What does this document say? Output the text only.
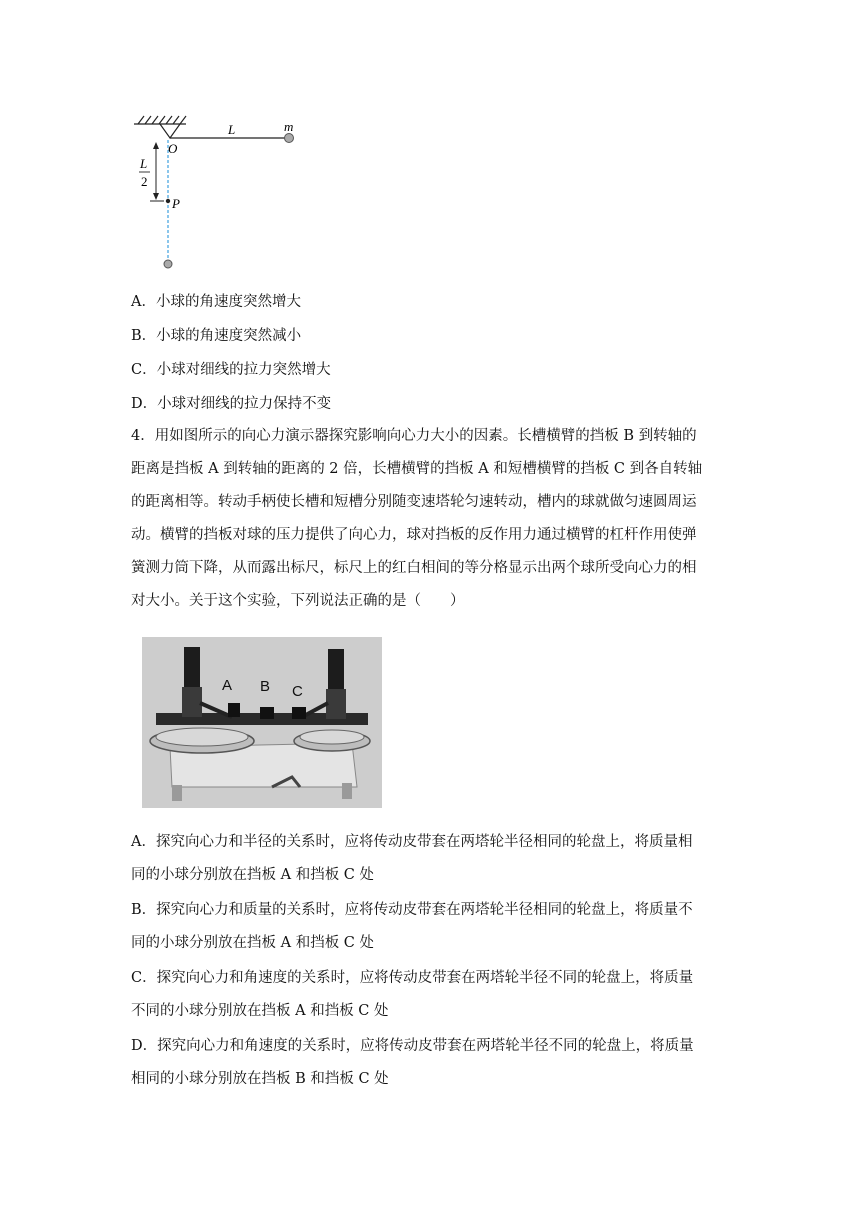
O
L	m
L
2
P
A．小球的角速度突然增大
B．小球的角速度突然减小
C．小球对细线的拉力突然增大
D．小球对细线的拉力保持不变
4．用如图所示的向心力演示器探究影响向心力大小的因素。长槽横臂的挡板 B 到转轴的
距离是挡板 A 到转轴的距离的 2 倍，长槽横臂的挡板 A 和短槽横臂的挡板 C 到各自转轴
的距离相等。转动手柄使长槽和短槽分别随变速塔轮匀速转动，槽内的球就做匀速圆周运
动。横臂的挡板对球的压力提供了向心力，球对挡板的反作用力通过横臂的杠杆作用使弹
簧测力筒下降，从而露出标尺，标尺上的红白相间的等分格显示出两个球所受向心力的相
对大小。关于这个实验，下列说法正确的是（　　）
A B C
A．探究向心力和半径的关系时，应将传动皮带套在两塔轮半径相同的轮盘上，将质量相
同的小球分别放在挡板 A 和挡板 C 处
B．探究向心力和质量的关系时，应将传动皮带套在两塔轮半径相同的轮盘上，将质量不
同的小球分别放在挡板 A 和挡板 C 处
C．探究向心力和角速度的关系时，应将传动皮带套在两塔轮半径不同的轮盘上，将质量
不同的小球分别放在挡板 A 和挡板 C 处
D．探究向心力和角速度的关系时，应将传动皮带套在两塔轮半径不同的轮盘上，将质量
相同的小球分别放在挡板 B 和挡板 C 处
